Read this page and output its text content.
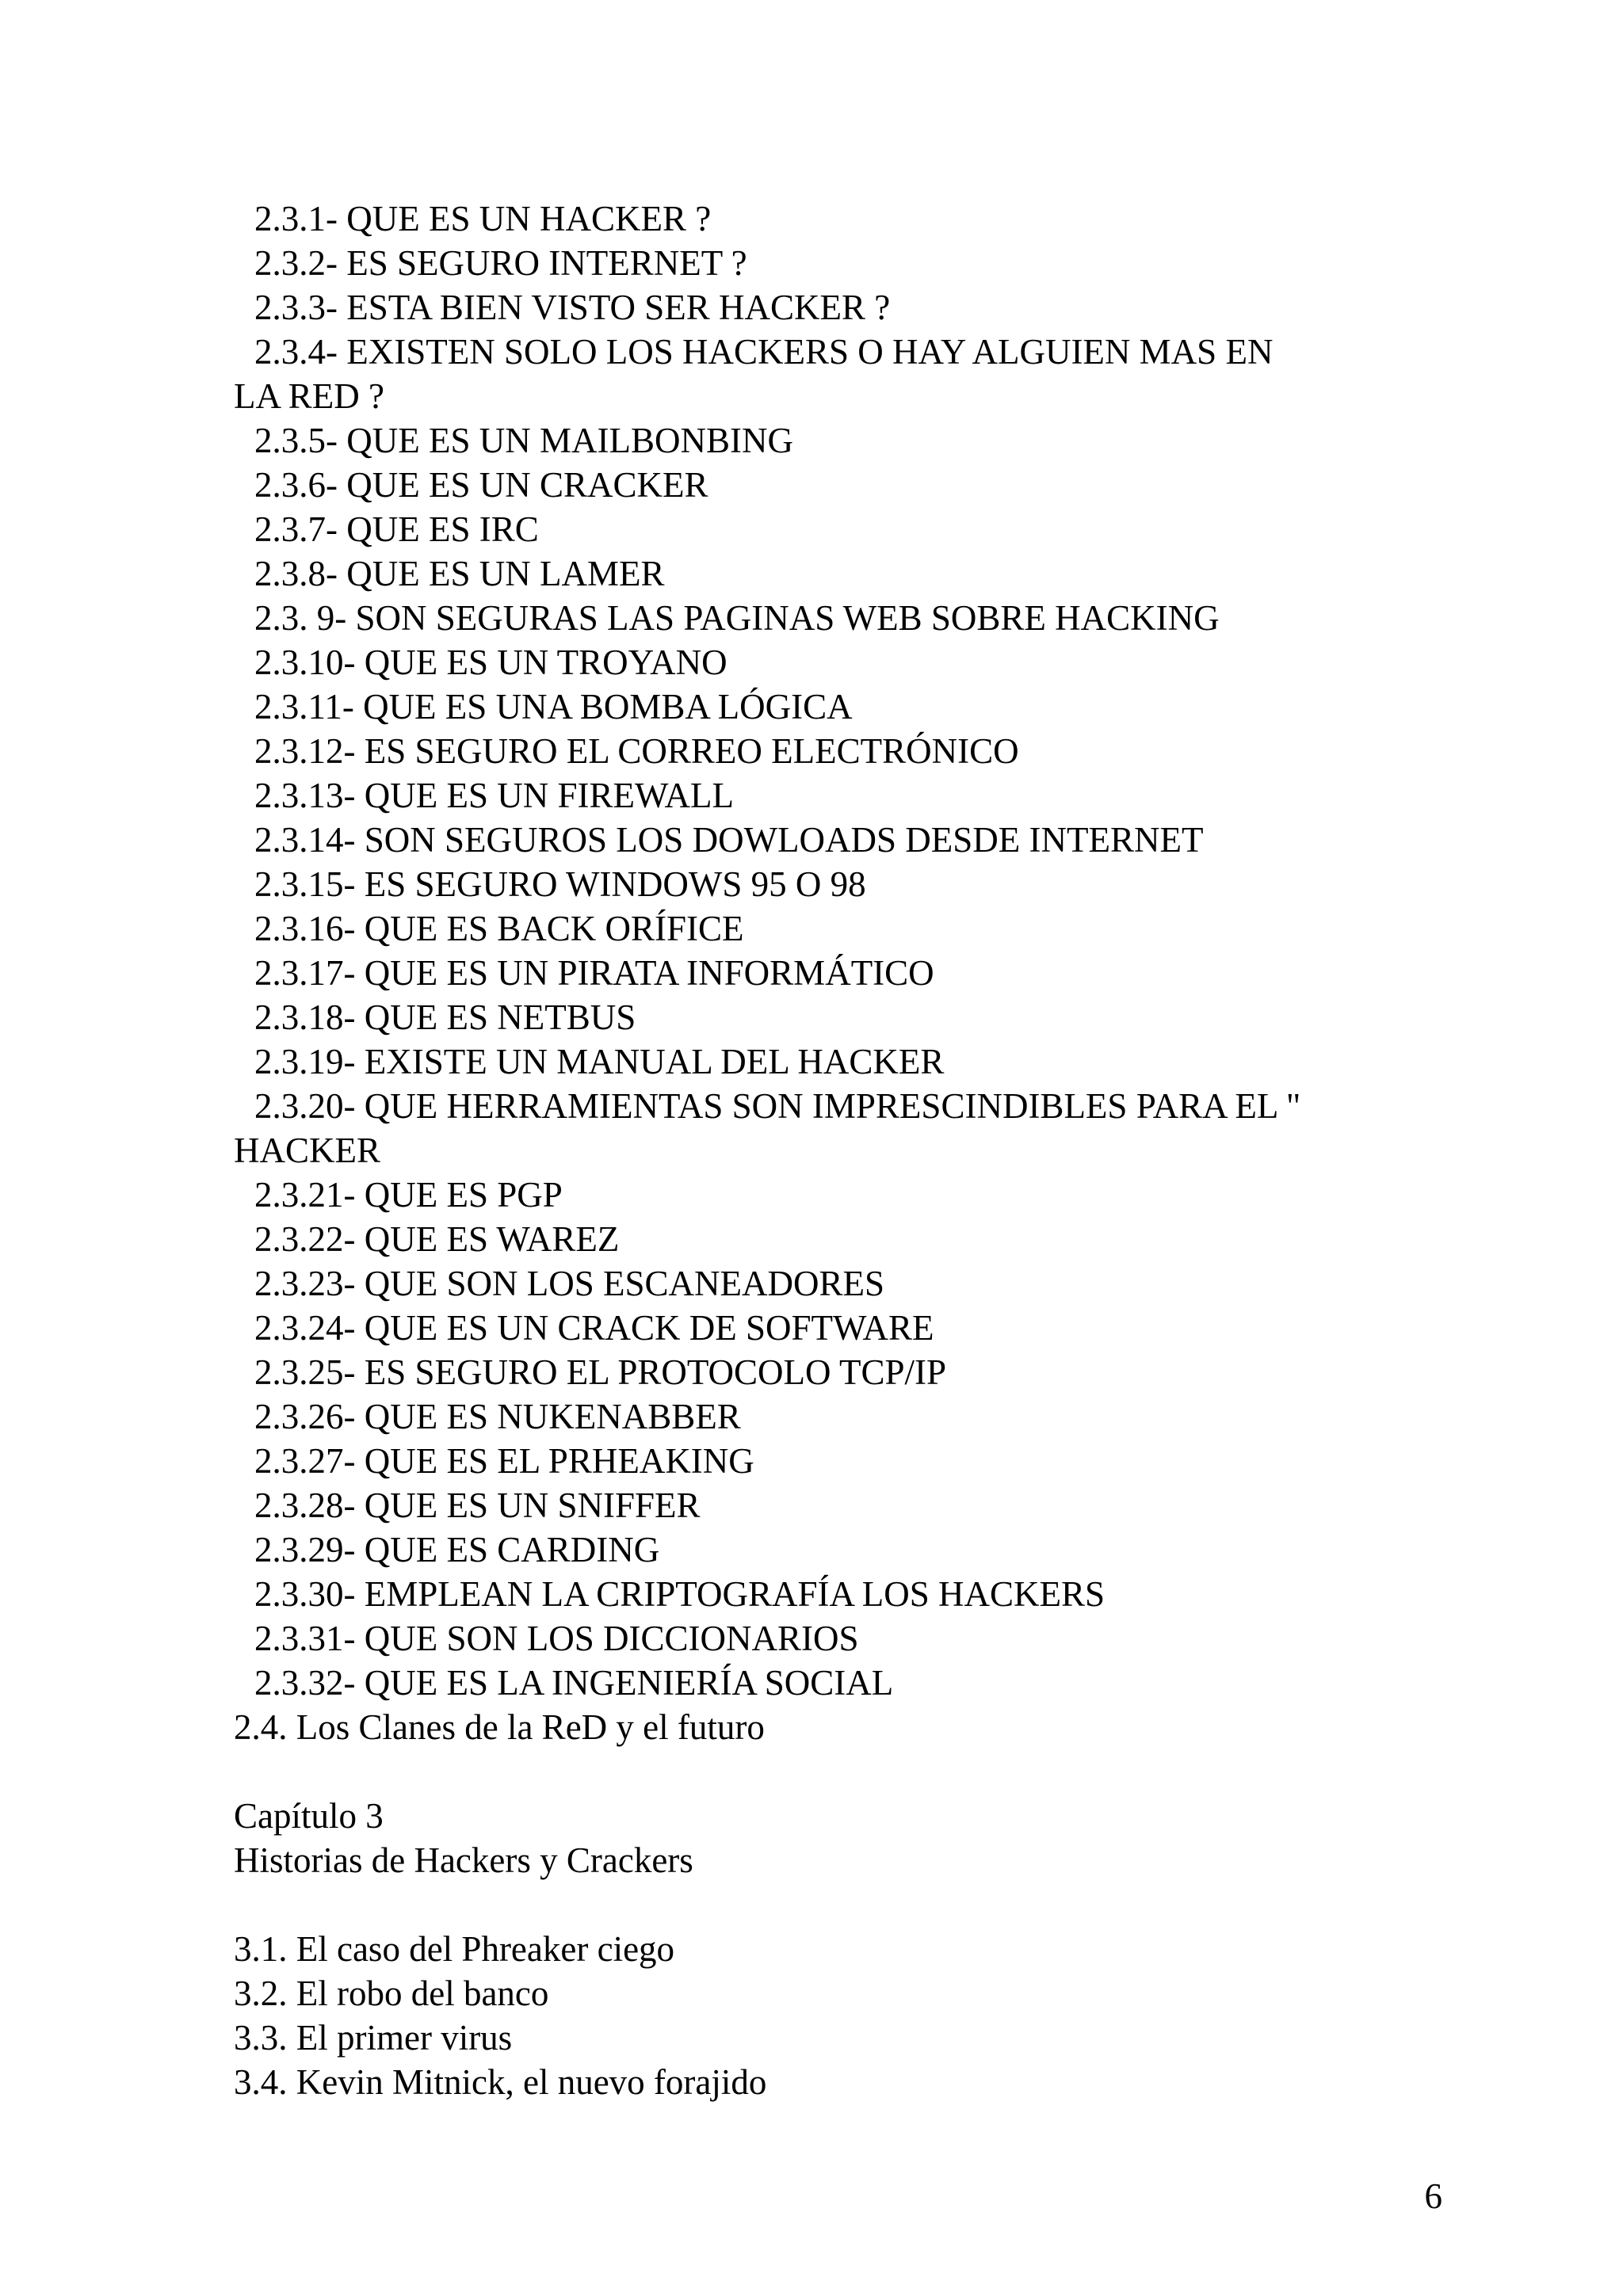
2.3.1- QUE ES UN HACKER ?
2.3.2- ES SEGURO INTERNET ?
2.3.3- ESTA BIEN VISTO SER HACKER ?
2.3.4- EXISTEN SOLO LOS HACKERS O HAY ALGUIEN MAS EN
LA RED ?
2.3.5- QUE ES UN MAILBONBING
2.3.6- QUE ES UN CRACKER
2.3.7- QUE ES IRC
2.3.8- QUE ES UN LAMER
2.3. 9- SON SEGURAS LAS PAGINAS WEB SOBRE HACKING
2.3.10- QUE ES UN TROYANO
2.3.11- QUE ES UNA BOMBA LÓGICA
2.3.12- ES SEGURO EL CORREO ELECTRÓNICO
2.3.13- QUE ES UN FIREWALL
2.3.14- SON SEGUROS LOS DOWLOADS DESDE INTERNET
2.3.15- ES SEGURO WINDOWS 95 O 98
2.3.16- QUE ES BACK ORÍFICE
2.3.17- QUE ES UN PIRATA INFORMÁTICO
2.3.18- QUE ES NETBUS
2.3.19- EXISTE UN MANUAL DEL HACKER
2.3.20- QUE HERRAMIENTAS SON IMPRESCINDIBLES PARA EL "
HACKER
2.3.21- QUE ES PGP
2.3.22- QUE ES WAREZ
2.3.23- QUE SON LOS ESCANEADORES
2.3.24- QUE ES UN CRACK DE SOFTWARE
2.3.25- ES SEGURO EL PROTOCOLO TCP/IP
2.3.26- QUE ES NUKENABBER
2.3.27- QUE ES EL PRHEAKING
2.3.28- QUE ES UN SNIFFER
2.3.29- QUE ES CARDING
2.3.30- EMPLEAN LA CRIPTOGRAFÍA LOS HACKERS
2.3.31- QUE SON LOS DICCIONARIOS
2.3.32- QUE ES LA INGENIERÍA SOCIAL
2.4. Los Clanes de la ReD y el futuro
Capítulo 3
Historias de Hackers y Crackers
3.1. El caso del Phreaker ciego
3.2. El robo del banco
3.3. El primer virus
3.4. Kevin Mitnick, el nuevo forajido
6
